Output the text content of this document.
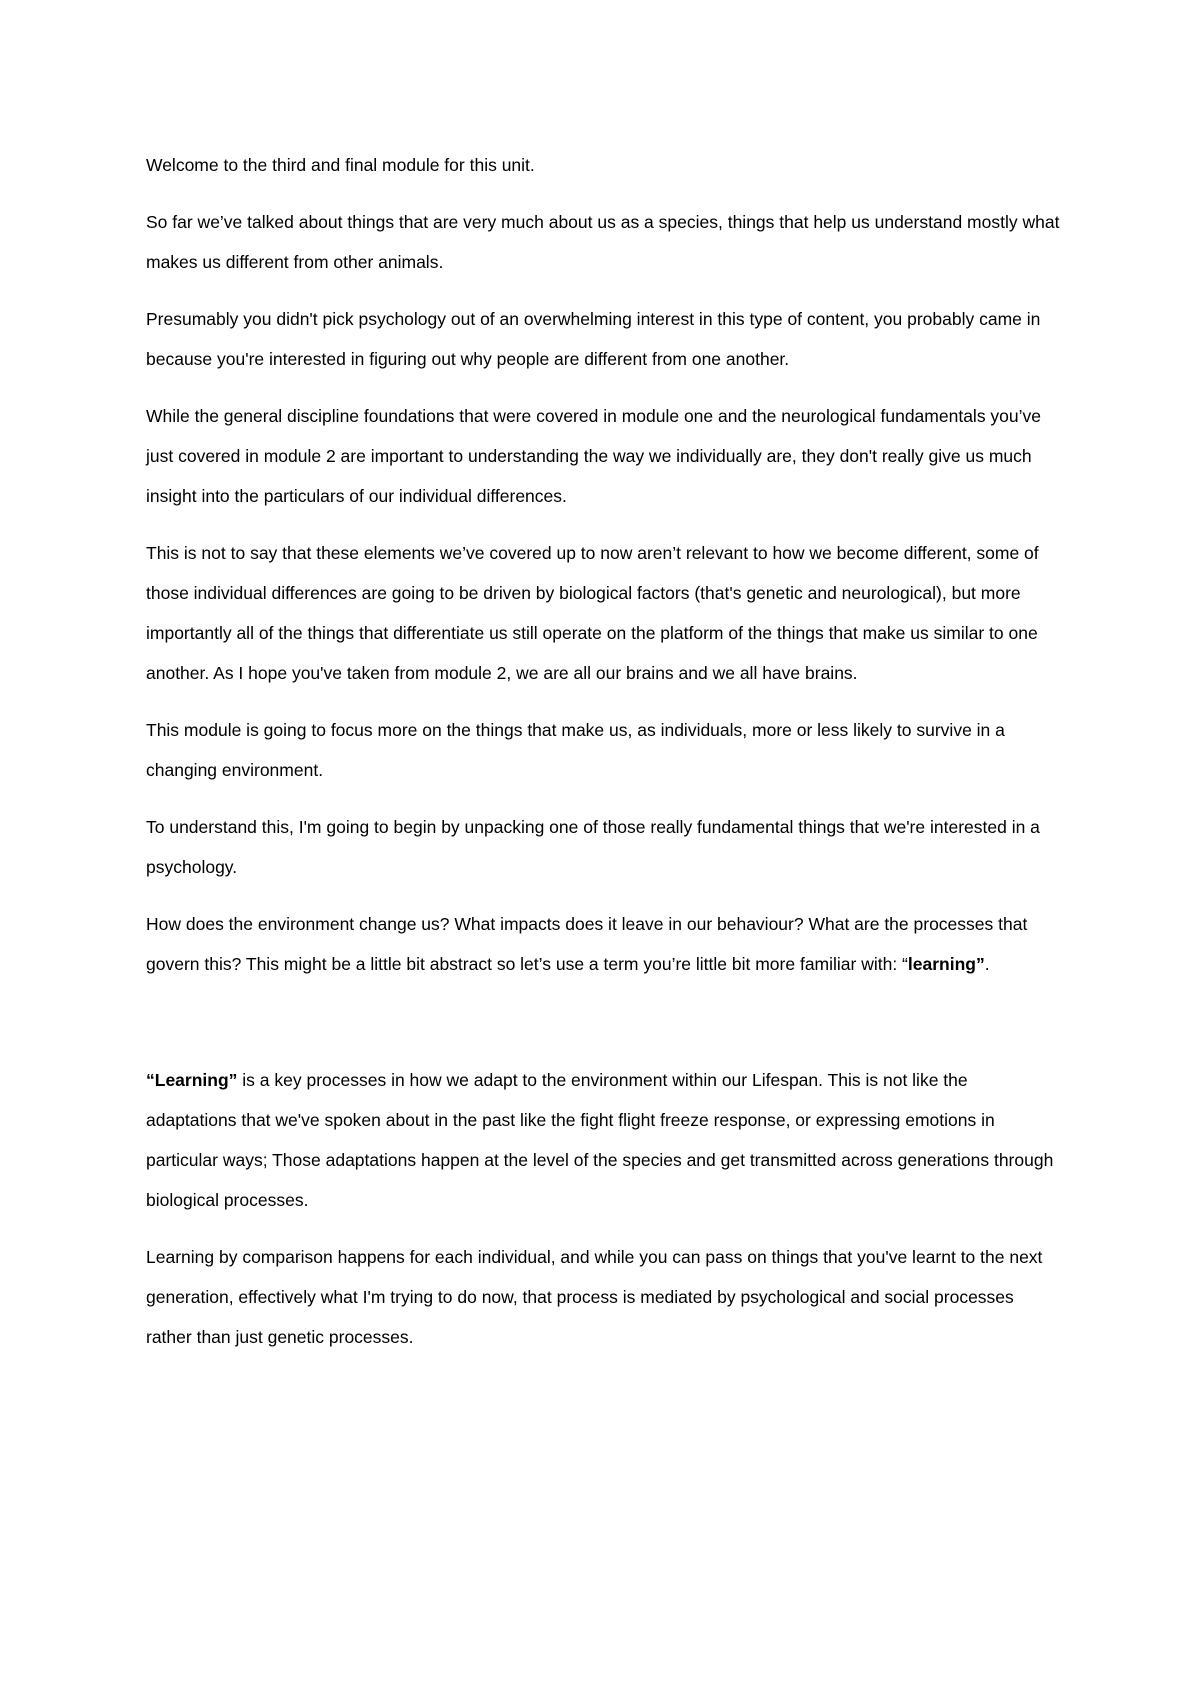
Welcome to the third and final module for this unit.

So far we’ve talked about things that are very much about us as a species, things that help us understand mostly what makes us different from other animals.

Presumably you didn't pick psychology out of an overwhelming interest in this type of content, you probably came in because you're interested in figuring out why people are different from one another.

While the general discipline foundations that were covered in module one and the neurological fundamentals you’ve just covered in module 2 are important to understanding the way we individually are, they don't really give us much insight into the particulars of our individual differences.

This is not to say that these elements we’ve covered up to now aren’t relevant to how we become different, some of those individual differences are going to be driven by biological factors (that's genetic and neurological), but more importantly all of the things that differentiate us still operate on the platform of the things that make us similar to one another. As I hope you've taken from module 2, we are all our brains and we all have brains.

This module is going to focus more on the things that make us, as individuals, more or less likely to survive in a changing environment.

To understand this, I'm going to begin by unpacking one of those really fundamental things that we're interested in a psychology.

How does the environment change us? What impacts does it leave in our behaviour? What are the processes that govern this? This might be a little bit abstract so let’s use a term you’re little bit more familiar with: “learning”.

“Learning” is a key processes in how we adapt to the environment within our Lifespan. This is not like the adaptations that we've spoken about in the past like the fight flight freeze response, or expressing emotions in particular ways; Those adaptations happen at the level of the species and get transmitted across generations through biological processes.

Learning by comparison happens for each individual, and while you can pass on things that you've learnt to the next generation, effectively what I'm trying to do now, that process is mediated by psychological and social processes rather than just genetic processes.
